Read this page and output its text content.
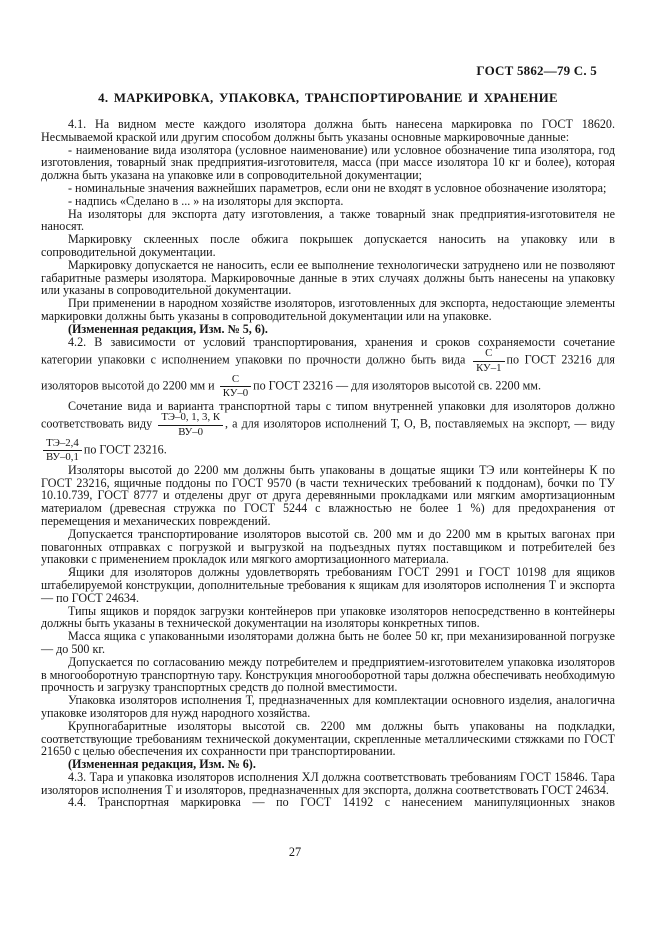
ГОСТ 5862—79 С. 5
4. МАРКИРОВКА, УПАКОВКА, ТРАНСПОРТИРОВАНИЕ И ХРАНЕНИЕ

4.1. На видном месте каждого изолятора должна быть нанесена маркировка по ГОСТ 18620. Несмываемой краской или другим способом должны быть указаны основные маркировочные данные:

- наименование вида изолятора (условное наименование) или условное обозначение типа изолятора, год изготовления, товарный знак предприятия-изготовителя, масса (при массе изолятора 10 кг и более), которая должна быть указана на упаковке или в сопроводительной документации;

- номинальные значения важнейших параметров, если они не входят в условное обозначение изолятора;

- надпись «Сделано в ... » на изоляторы для экспорта.

На изоляторы для экспорта дату изготовления, а также товарный знак предприятия-изготовителя не наносят.

Маркировку склеенных после обжига покрышек допускается наносить на упаковку или в сопроводительной документации.

Маркировку допускается не наносить, если ее выполнение технологически затруднено или не позволяют габаритные размеры изолятора. Маркировочные данные в этих случаях должны быть нанесены на упаковку или указаны в сопроводительной документации.

При применении в народном хозяйстве изоляторов, изготовленных для экспорта, недостающие элементы маркировки должны быть указаны в сопроводительной документации или на упаковке.

(Измененная редакция, Изм. № 5, 6).

4.2. В зависимости от условий транспортирования, хранения и сроков сохраняемости сочетание категории упаковки с исполнением упаковки по прочности должно быть вида $\frac{С}{КУ-1}$ по ГОСТ 23216 для изоляторов высотой до 2200 мм и $\frac{С}{КУ-0}$ по ГОСТ 23216 — для изоляторов высотой св. 2200 мм.

Сочетание вида и варианта транспортной тары с типом внутренней упаковки для изоляторов должно соответствовать виду $\frac{ТЭ-0, 1, 3, К}{ВУ-0}$ , а для изоляторов исполнений Т, О, В, поставляемых на экспорт, — виду
$\frac{ТЭ-2,4}{ВУ-0,1}$ по ГОСТ 23216.

Изоляторы высотой до 2200 мм должны быть упакованы в дощатые ящики ТЭ или контейнеры К по ГОСТ 23216, ящичные поддоны по ГОСТ 9570 (в части технических требований к поддонам), бочки по ТУ 10.10.739, ГОСТ 8777 и отделены друг от друга деревянными прокладками или мягким амортизационным материалом (древесная стружка по ГОСТ 5244 с влажностью не более 1 %) для предохранения от перемещения и механических повреждений.

Допускается транспортирование изоляторов высотой св. 200 мм и до 2200 мм в крытых вагонах при повагонных отправках с погрузкой и выгрузкой на подъездных путях поставщиком и потребителей без упаковки с применением прокладок или мягкого амортизационного материала.

Ящики для изоляторов должны удовлетворять требованиям ГОСТ 2991 и ГОСТ 10198 для ящиков штабелируемой конструкции, дополнительные требования к ящикам для изоляторов исполнения Т и экспорта — по ГОСТ 24634.

Типы ящиков и порядок загрузки контейнеров при упаковке изоляторов непосредственно в контейнеры должны быть указаны в технической документации на изоляторы конкретных типов.

Масса ящика с упакованными изоляторами должна быть не более 50 кг, при механизированной погрузке — до 500 кг.

Допускается по согласованию между потребителем и предприятием-изготовителем упаковка изоляторов в многооборотную транспортную тару. Конструкция многооборотной тары должна обеспечивать необходимую прочность и загрузку транспортных средств до полной вместимости.

Упаковка изоляторов исполнения Т, предназначенных для комплектации основного изделия, аналогична упаковке изоляторов для нужд народного хозяйства.

Крупногабаритные изоляторы высотой св. 2200 мм должны быть упакованы на подкладки, соответствующие требованиям технической документации, скрепленные металлическими стяжками по ГОСТ 21650 с целью обеспечения их сохранности при транспортировании.

(Измененная редакция, Изм. № 6).

4.3. Тара и упаковка изоляторов исполнения ХЛ должна соответствовать требованиям ГОСТ 15846. Тара изоляторов исполнения Т и изоляторов, предназначенных для экспорта, должна соответствовать ГОСТ 24634.

4.4. Транспортная маркировка — по ГОСТ 14192 с нанесением манипуляционных знаков

27
